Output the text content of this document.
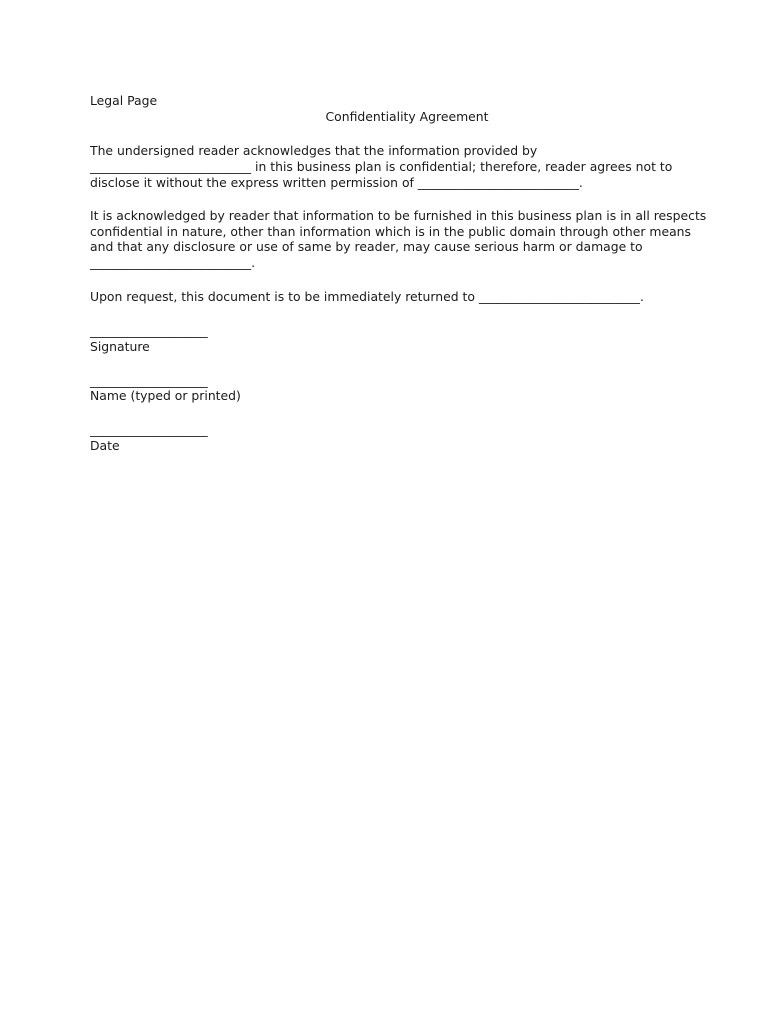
Legal Page
Confidentiality Agreement
The undersigned reader acknowledges that the information provided by
__________________________ in this business plan is confidential; therefore, reader agrees not to
disclose it without the express written permission of __________________________.
It is acknowledged by reader that information to be furnished in this business plan is in all respects
confidential in nature, other than information which is in the public domain through other means
and that any disclosure or use of same by reader, may cause serious harm or damage to
__________________________.
Upon request, this document is to be immediately returned to __________________________.
___________________
Signature
___________________
Name (typed or printed)
___________________
Date
